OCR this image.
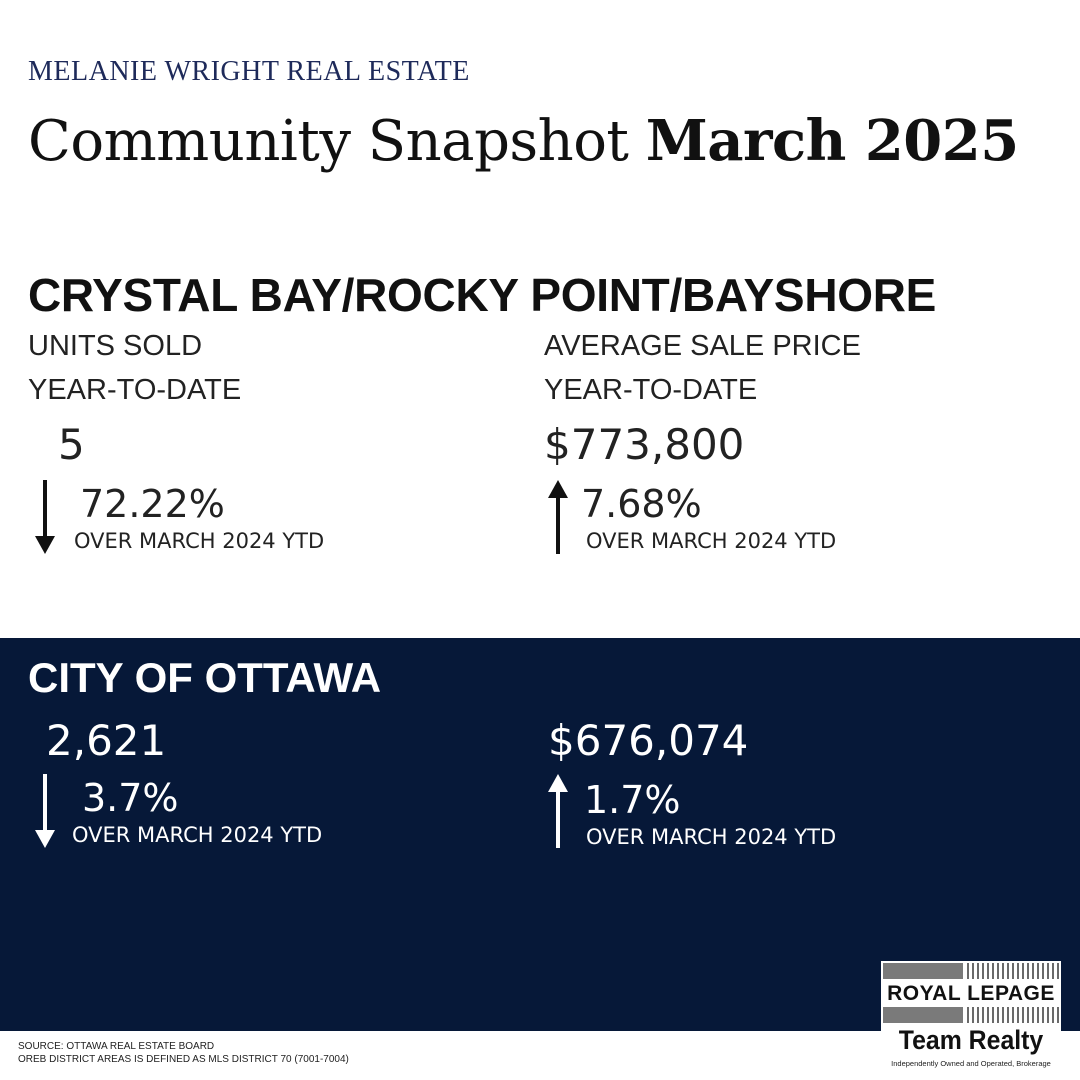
MELANIE WRIGHT REAL ESTATE
Community Snapshot March 2025
CRYSTAL BAY/ROCKY POINT/BAYSHORE
UNITS SOLD
YEAR-TO-DATE
5
72.22%
OVER MARCH 2024 YTD
AVERAGE SALE PRICE
YEAR-TO-DATE
$773,800
7.68%
OVER MARCH 2024 YTD
CITY OF OTTAWA
2,621
3.7%
OVER MARCH 2024 YTD
$676,074
1.7%
OVER MARCH 2024 YTD
SOURCE: OTTAWA REAL ESTATE BOARD
OREB DISTRICT AREAS IS DEFINED AS MLS DISTRICT 70 (7001-7004)
ROYAL LEPAGE
Team Realty
Independently Owned and Operated, Brokerage
